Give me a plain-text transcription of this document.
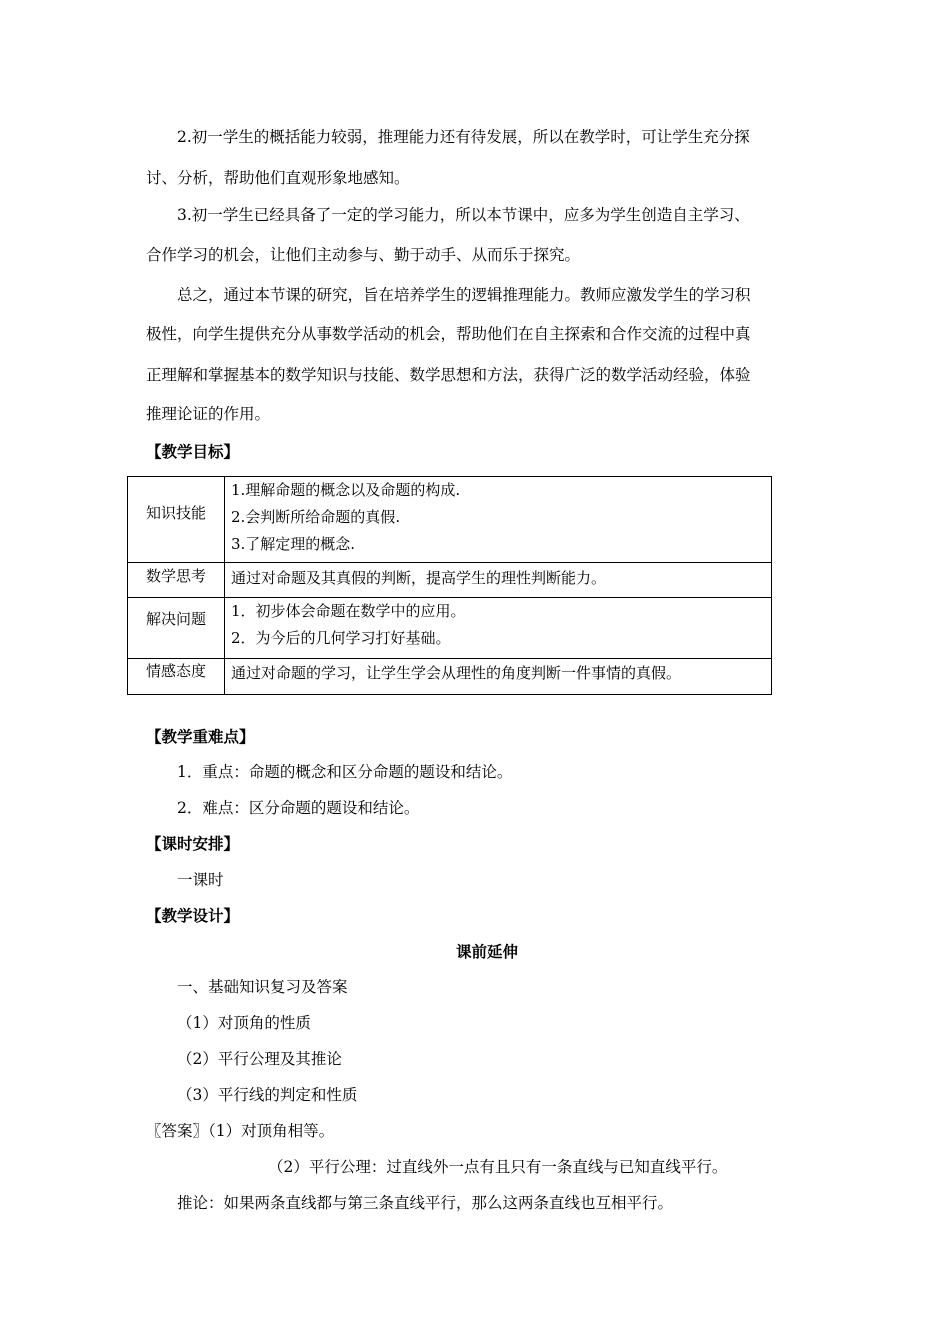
2.初一学生的概括能力较弱，推理能力还有待发展，所以在教学时，可让学生充分探
讨、分析，帮助他们直观形象地感知。
3.初一学生已经具备了一定的学习能力，所以本节课中，应多为学生创造自主学习、
合作学习的机会，让他们主动参与、勤于动手、从而乐于探究。
总之，通过本节课的研究，旨在培养学生的逻辑推理能力。教师应激发学生的学习积
极性，向学生提供充分从事数学活动的机会，帮助他们在自主探索和合作交流的过程中真
正理解和掌握基本的数学知识与技能、数学思想和方法，获得广泛的数学活动经验，体验
推理论证的作用。
【教学目标】
知识技能	1.理解命题的概念以及命题的构成.
2.会判断所给命题的真假.
3.了解定理的概念.

数学思考	通过对命题及其真假的判断，提高学生的理性判断能力。

解决问题	1．初步体会命题在数学中的应用。
2．为今后的几何学习打好基础。

情感态度	通过对命题的学习，让学生学会从理性的角度判断一件事情的真假。
【教学重难点】
1．重点：命题的概念和区分命题的题设和结论。
2．难点：区分命题的题设和结论。
【课时安排】
一课时
【教学设计】
课前延伸
一、基础知识复习及答案
（1）对顶角的性质
（2）平行公理及其推论
（3）平行线的判定和性质
〖答案〗（1）对顶角相等。
（2）平行公理：过直线外一点有且只有一条直线与已知直线平行。
推论：如果两条直线都与第三条直线平行，那么这两条直线也互相平行。
